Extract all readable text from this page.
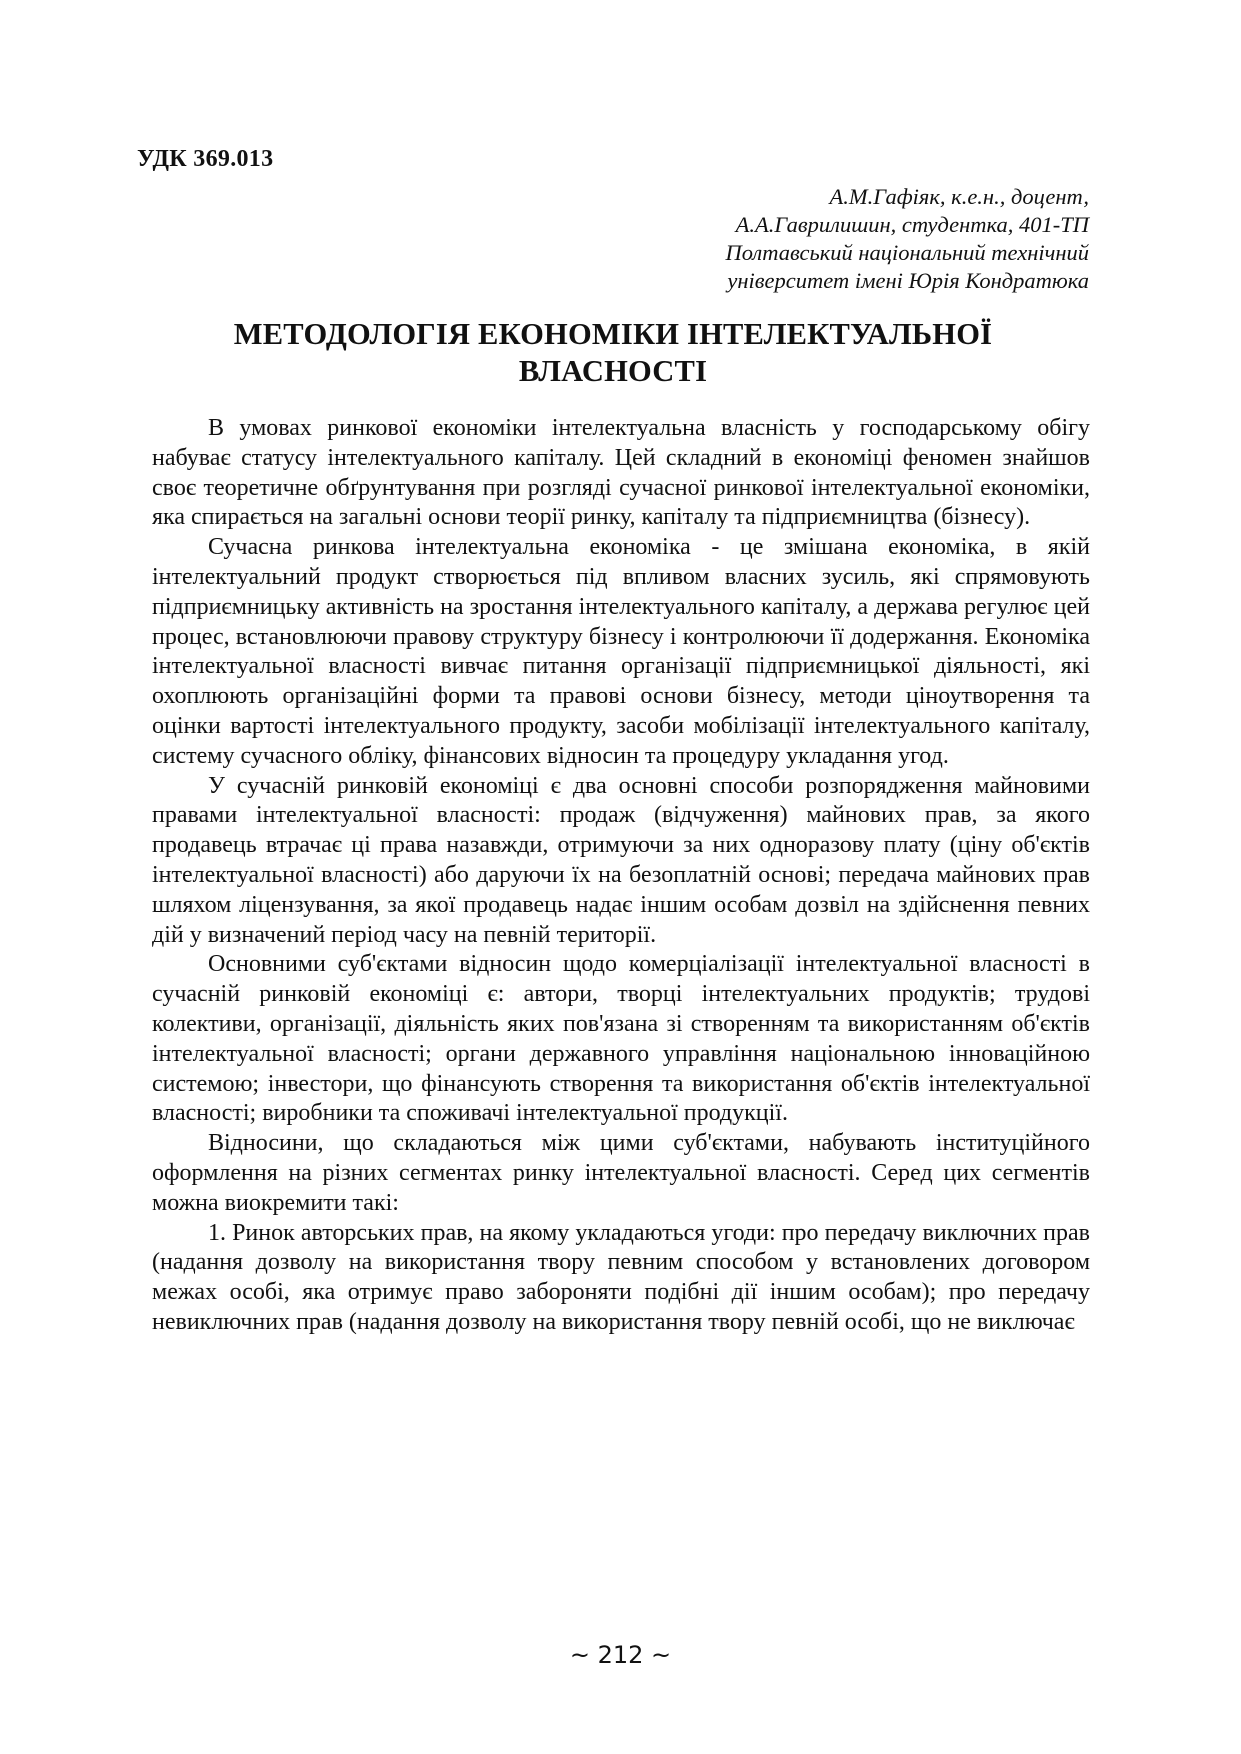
УДК 369.013
А.М.Гафіяк, к.е.н., доцент,
А.А.Гаврилишин, студентка, 401-ТП
Полтавський національний технічний
університет імені Юрія Кондратюка
МЕТОДОЛОГІЯ ЕКОНОМІКИ ІНТЕЛЕКТУАЛЬНОЇ
ВЛАСНОСТІ

В умовах ринкової економіки інтелектуальна власність у господарському обігу набуває статусу інтелектуального капіталу. Цей складний в економіці феномен знайшов своє теоретичне обґрунтування при розгляді сучасної ринкової інтелектуальної економіки, яка спирається на загальні основи теорії ринку, капіталу та підприємництва (бізнесу).

Сучасна ринкова інтелектуальна економіка - це змішана економіка, в якій інтелектуальний продукт створюється під впливом власних зусиль, які спрямовують підприємницьку активність на зростання інтелектуального капіталу, а держава регулює цей процес, встановлюючи правову структуру бізнесу і контролюючи її додержання. Економіка інтелектуальної власності вивчає питання організації підприємницької діяльності, які охоплюють організаційні форми та правові основи бізнесу, методи ціноутворення та оцінки вартості інтелектуального продукту, засоби мобілізації інтелектуального капіталу, систему сучасного обліку, фінансових відносин та процедуру укладання угод.

У сучасній ринковій економіці є два основні способи розпорядження майновими правами інтелектуальної власності: продаж (відчуження) майнових прав, за якого продавець втрачає ці права назавжди, отримуючи за них одноразову плату (ціну об'єктів інтелектуальної власності) або даруючи їх на безоплатній основі; передача майнових прав шляхом ліцензування, за якої продавець надає іншим особам дозвіл на здійснення певних дій у визначений період часу на певній території.

Основними суб'єктами відносин щодо комерціалізації інтелектуальної власності в сучасній ринковій економіці є: автори, творці інтелектуальних продуктів; трудові колективи, організації, діяльність яких пов'язана зі створенням та використанням об'єктів інтелектуальної власності; органи державного управління національною інноваційною системою; інвестори, що фінансують створення та використання об'єктів інтелектуальної власності; виробники та споживачі інтелектуальної продукції.

Відносини, що складаються між цими суб'єктами, набувають інституційного оформлення на різних сегментах ринку інтелектуальної власності. Серед цих сегментів можна виокремити такі:

1. Ринок авторських прав, на якому укладаються угоди: про передачу виключних прав (надання дозволу на використання твору певним способом у встановлених договором межах особі, яка отримує право забороняти подібні дії іншим особам); про передачу невиключних прав (надання дозволу на використання твору певній особі, що не виключає

~ 212 ~
